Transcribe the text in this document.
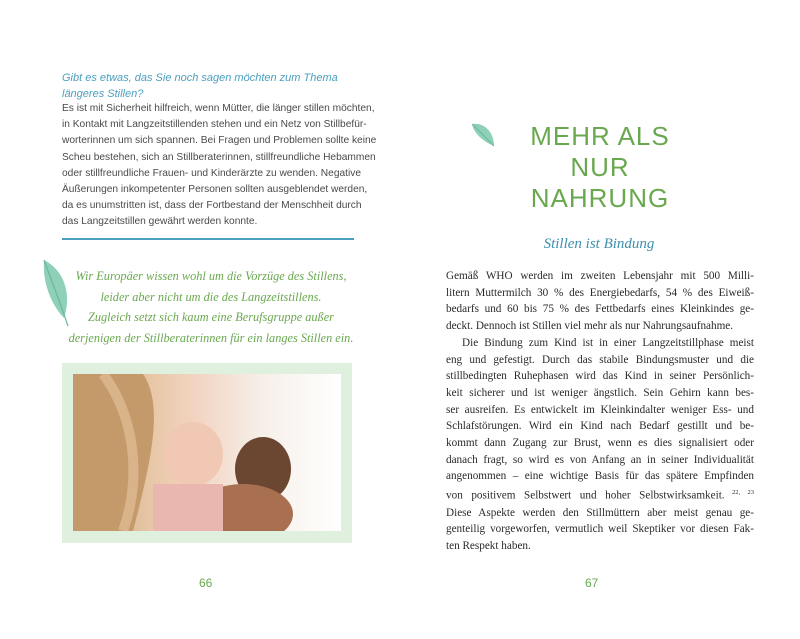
Gibt es etwas, das Sie noch sagen möchten zum Thema längeres Stillen?
Es ist mit Sicherheit hilfreich, wenn Mütter, die länger stillen möchten,
in Kontakt mit Langzeitstillenden stehen und ein Netz von Stillbefür-
worterinnen um sich spannen. Bei Fragen und Problemen sollte keine
Scheu bestehen, sich an Stillberaterinnen, stillfreundliche Hebammen
oder stillfreundliche Frauen- und Kinderärzte zu wenden. Negative
Äußerungen inkompetenter Personen sollten ausgeblendet werden,
da es unumstritten ist, dass der Fortbestand der Menschheit durch
das Langzeitstillen gewährt werden konnte.
Wir Europäer wissen wohl um die Vorzüge des Stillens,
leider aber nicht um die des Langzeitstillens.
Zugleich setzt sich kaum eine Berufsgruppe außer
derjenigen der Stillberaterinnen für ein langes Stillen ein.
66
MEHR ALS NUR
NAHRUNG
Stillen ist Bindung
Gemäß WHO werden im zweiten Lebensjahr mit 500 Milli-
litern Muttermilch 30 % des Energiebedarfs, 54 % des Eiweiß-
bedarfs und 60 bis 75 % des Fettbedarfs eines Kleinkindes ge-
deckt. Dennoch ist Stillen viel mehr als nur Nahrungsaufnahme.
Die Bindung zum Kind ist in einer Langzeitstillphase meist
eng und gefestigt. Durch das stabile Bindungsmuster und die
stillbedingten Ruhephasen wird das Kind in seiner Persönlich-
keit sicherer und ist weniger ängstlich. Sein Gehirn kann bes-
ser ausreifen. Es entwickelt im Kleinkindalter weniger Ess- und
Schlafstörungen. Wird ein Kind nach Bedarf gestillt und be-
kommt dann Zugang zur Brust, wenn es dies signalisiert oder
danach fragt, so wird es von Anfang an in seiner Individualität
angenommen – eine wichtige Basis für das spätere Empfinden
von positivem Selbstwert und hoher Selbstwirksamkeit. $^{22, 23}$
Diese Aspekte werden den Stillmüttern aber meist genau ge-
genteilig vorgeworfen, vermutlich weil Skeptiker vor diesen Fak-
ten Respekt haben.
67
